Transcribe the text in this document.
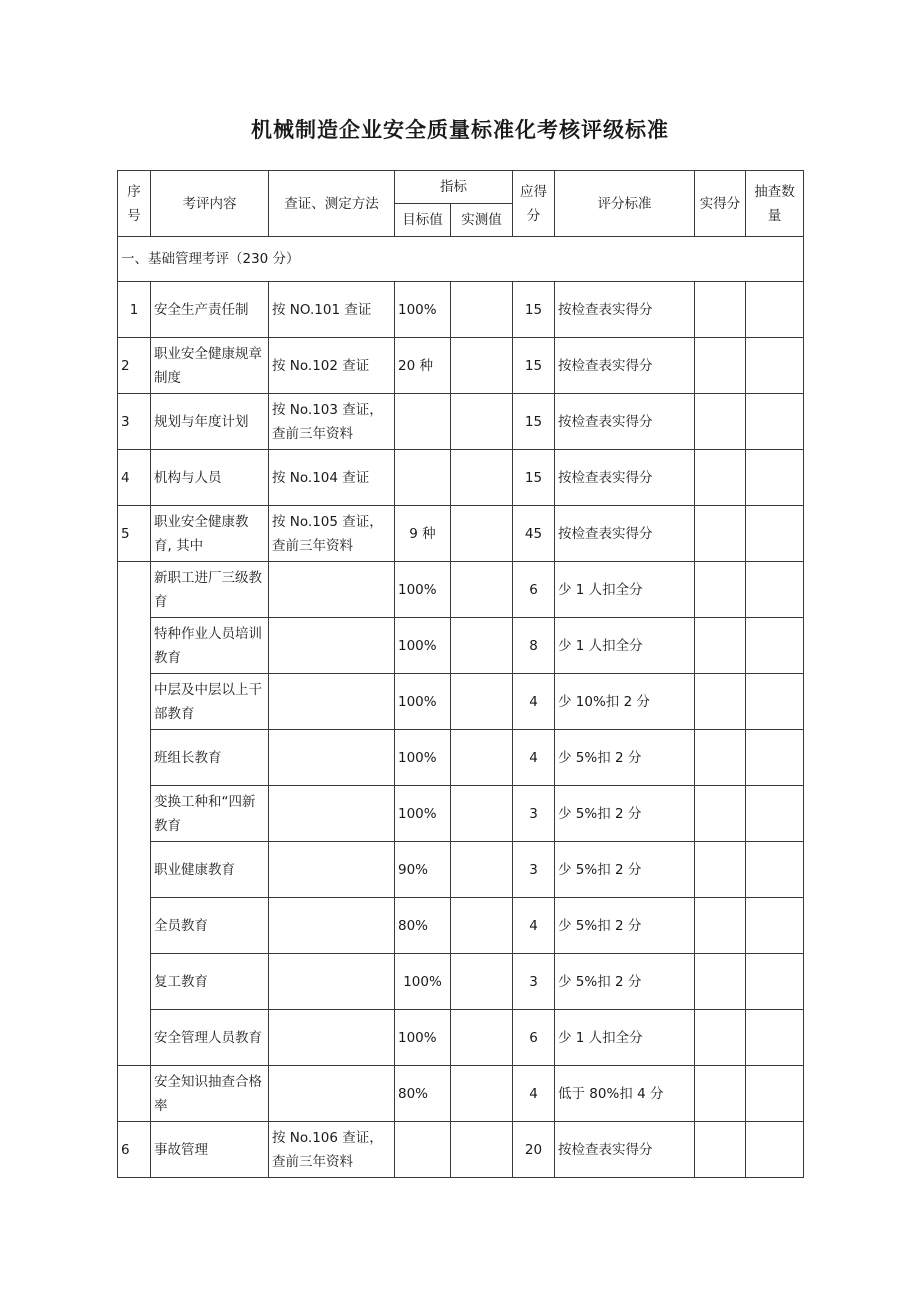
机械制造企业安全质量标准化考核评级标准
序号	考评内容	查证、测定方法	指标		应得分	评分标准	实得分	抽查数量
			目标值	实测值				
一、基础管理考评（230 分）								
1	安全生产责任制	按 NO.101 查证	100%		15	按检查表实得分		
2	职业安全健康规章制度	按 No.102 查证	20 种		15	按检查表实得分		
3	规划与年度计划	按 No.103 查证，查前三年资料			15	按检查表实得分		
4	机构与人员	按 No.104 查证			15	按检查表实得分		
5	职业安全健康教育, 其中	按 No.105 查证，查前三年资料	9 种		45	按检查表实得分		
	新职工进厂三级教育		100%		6	少 1 人扣全分		
	特种作业人员培训教育		100%		8	少 1 人扣全分		
	中层及中层以上干部教育		100%		4	少 10%扣 2 分		
	班组长教育		100%		4	少 5%扣 2 分		
	变换工种和“四新教育		100%		3	少 5%扣 2 分		
	职业健康教育		90%		3	少 5%扣 2 分		
	全员教育		80%		4	少 5%扣 2 分		
	复工教育		100%		3	少 5%扣 2 分		
	安全管理人员教育		100%		6	少 1 人扣全分		
	安全知识抽查合格率		80%		4	低于 80%扣 4 分		
6	事故管理	按 No.106 查证，查前三年资料			20	按检查表实得分		
